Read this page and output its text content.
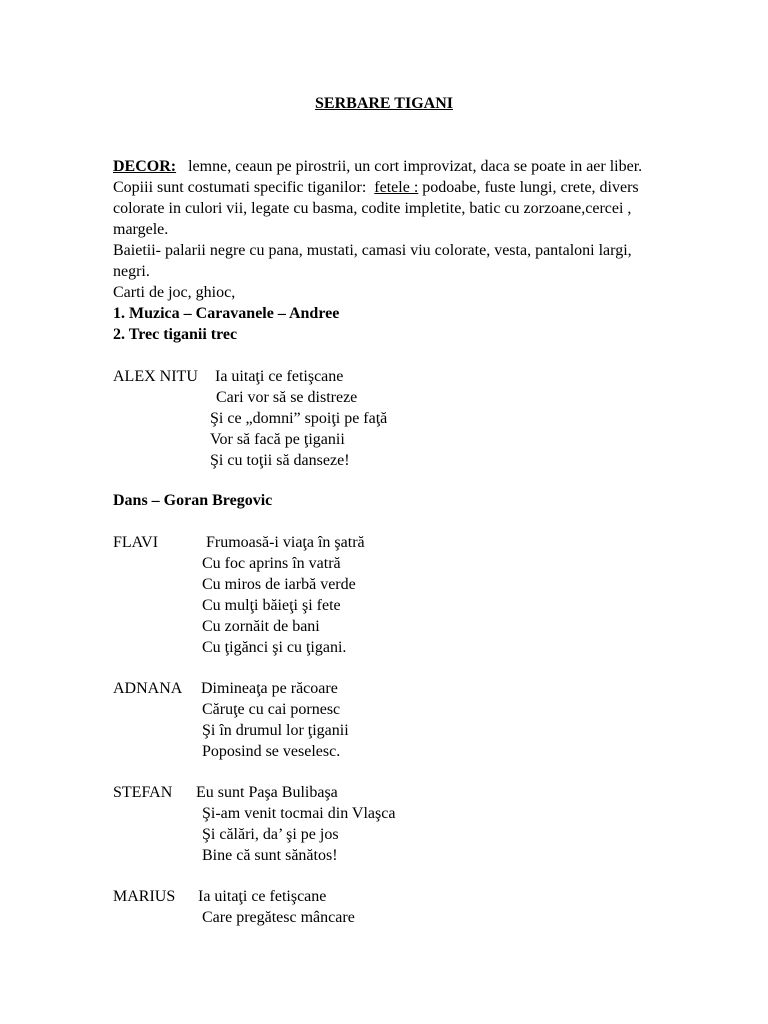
SERBARE TIGANI

DECOR: lemne, ceaun pe pirostrii, un cort improvizat, daca se poate in aer liber. Copiii sunt costumati specific tiganilor: fetele : podoabe, fuste lungi, crete, divers colorate in culori vii, legate cu basma, codite impletite, batic cu zorzoane,cercei , margele.

Baietii- palarii negre cu pana, mustati, camasi viu colorate, vesta, pantaloni largi, negri.

Carti de joc, ghioc,

1. Muzica – Caravanele – Andree

2. Trec tiganii trec

ALEX NITU Ia uitaţi ce fetişcane
Cari vor să se distreze
Şi ce „domni” spoiţi pe faţă
Vor să facă pe ţiganii
Şi cu toţii să danseze!
Dans – Goran Bregovic
FLAVI	Frumoasă-i viaţa în şatră
Cu foc aprins în vatră
Cu miros de iarbă verde
Cu mulţi băieţi şi fete
Cu zornăit de bani
Cu ţigănci şi cu ţigani.
ADNANA Dimineaţa pe răcoare
Căruţe cu cai pornesc
Şi în drumul lor ţiganii
Poposind se veselesc.
STEFAN Eu sunt Paşa Bulibaşa
Şi-am venit tocmai din Vlaşca
Şi călări, da’ şi pe jos
Bine că sunt sănătos!
MARIUS Ia uitaţi ce fetişcane
Care pregătesc mâncare
